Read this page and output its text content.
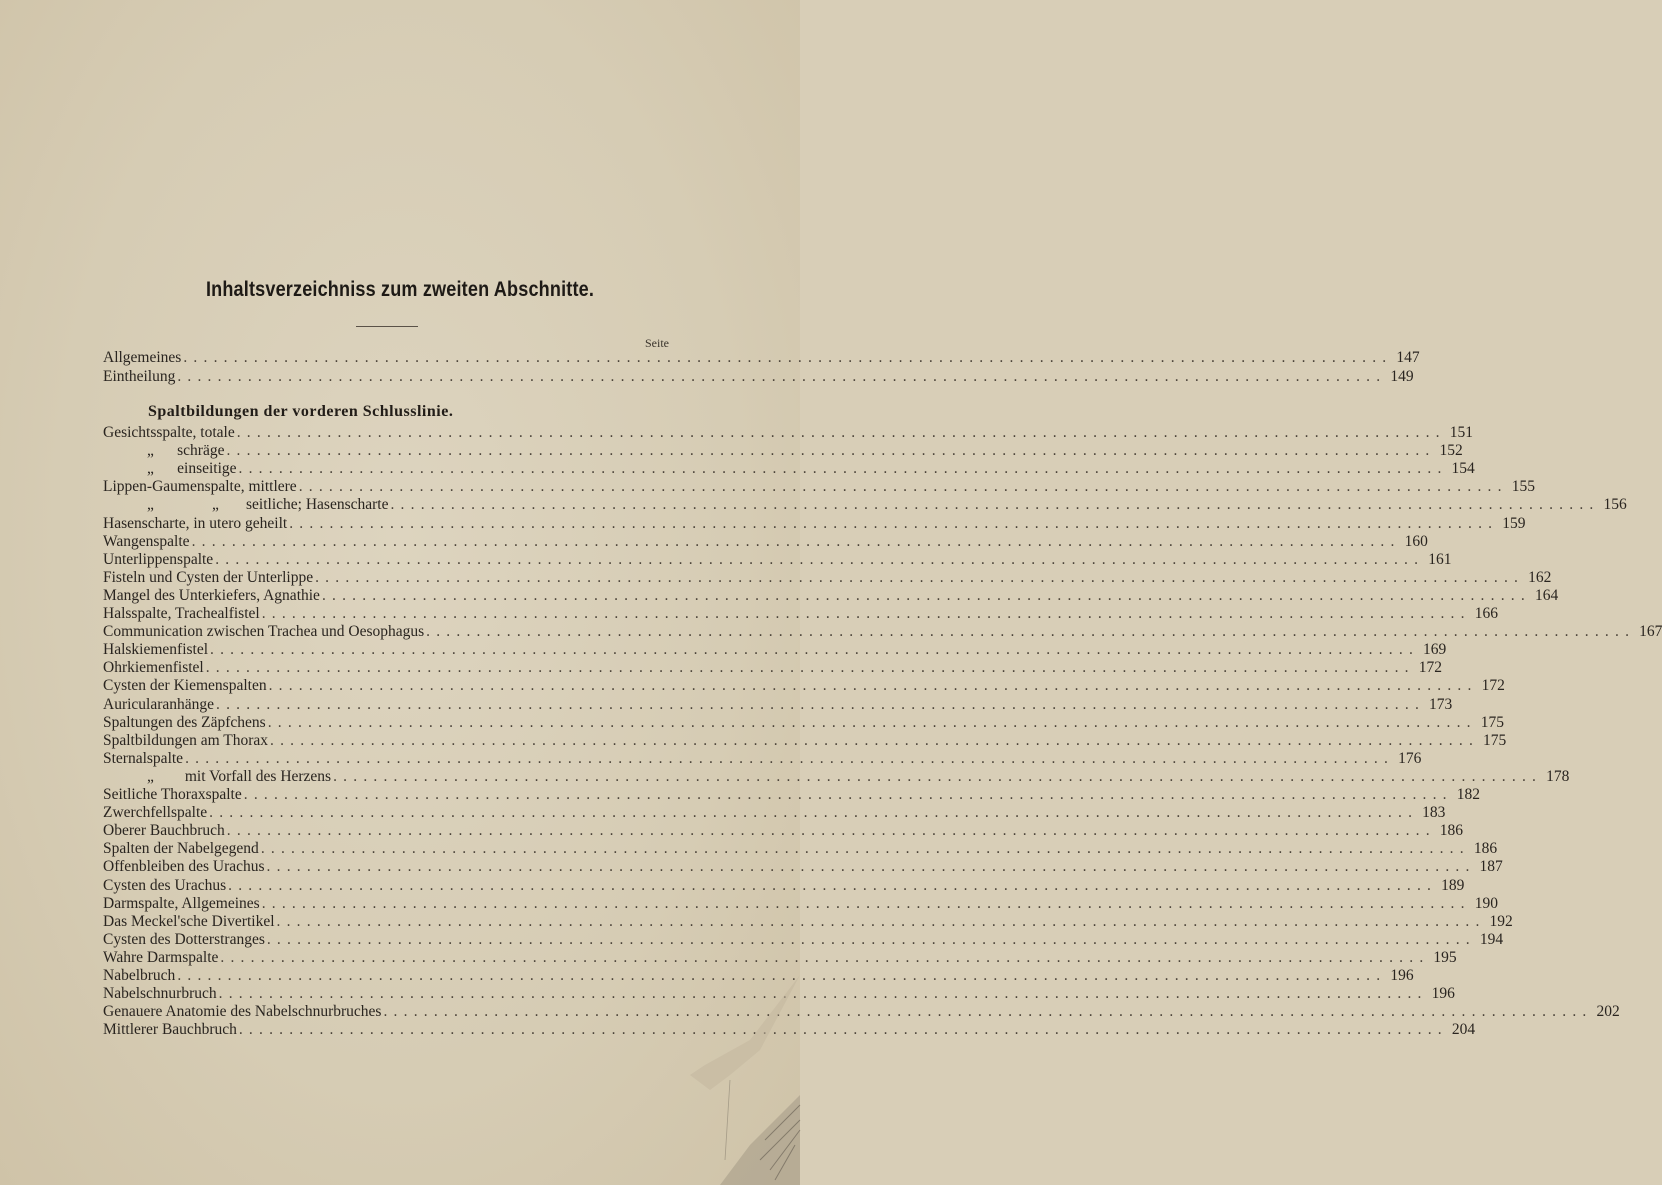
Inhaltsverzeichniss zum zweiten Abschnitte.
Seite
Allgemeines ........................................................................................................................ 147
Eintheilung ........................................................................................................................ 149
Spaltbildungen der vorderen Schlusslinie.
Gesichtsspalte, totale ........................................................................................................................ 151
„      schräge ........................................................................................................................ 152
„      einseitige ........................................................................................................................ 154
Lippen-Gaumenspalte, mittlere ........................................................................................................................ 155
„               „       seitliche; Hasenscharte ........................................................................................................................ 156
Hasenscharte, in utero geheilt ........................................................................................................................ 159
Wangenspalte ........................................................................................................................ 160
Unterlippenspalte ........................................................................................................................ 161
Fisteln und Cysten der Unterlippe ........................................................................................................................ 162
Mangel des Unterkiefers, Agnathie ........................................................................................................................ 164
Halsspalte, Trachealfistel ........................................................................................................................ 166
Communication zwischen Trachea und Oesophagus ........................................................................................................................ 167
Halskiemenfistel ........................................................................................................................ 169
Ohrkiemenfistel ........................................................................................................................ 172
Cysten der Kiemenspalten ........................................................................................................................ 172
Auricularanhänge ........................................................................................................................ 173
Spaltungen des Zäpfchens ........................................................................................................................ 175
Spaltbildungen am Thorax ........................................................................................................................ 175
Sternalspalte ........................................................................................................................ 176
„        mit Vorfall des Herzens ........................................................................................................................ 178
Seitliche Thoraxspalte ........................................................................................................................ 182
Zwerchfellspalte ........................................................................................................................ 183
Oberer Bauchbruch ........................................................................................................................ 186
Spalten der Nabelgegend ........................................................................................................................ 186
Offenbleiben des Urachus ........................................................................................................................ 187
Cysten des Urachus ........................................................................................................................ 189
Darmspalte, Allgemeines ........................................................................................................................ 190
Das Meckel'sche Divertikel ........................................................................................................................ 192
Cysten des Dotterstranges ........................................................................................................................ 194
Wahre Darmspalte ........................................................................................................................ 195
Nabelbruch ........................................................................................................................ 196
Nabelschnurbruch ........................................................................................................................ 196
Genauere Anatomie des Nabelschnurbruches ........................................................................................................................ 202
Mittlerer Bauchbruch ........................................................................................................................ 204
